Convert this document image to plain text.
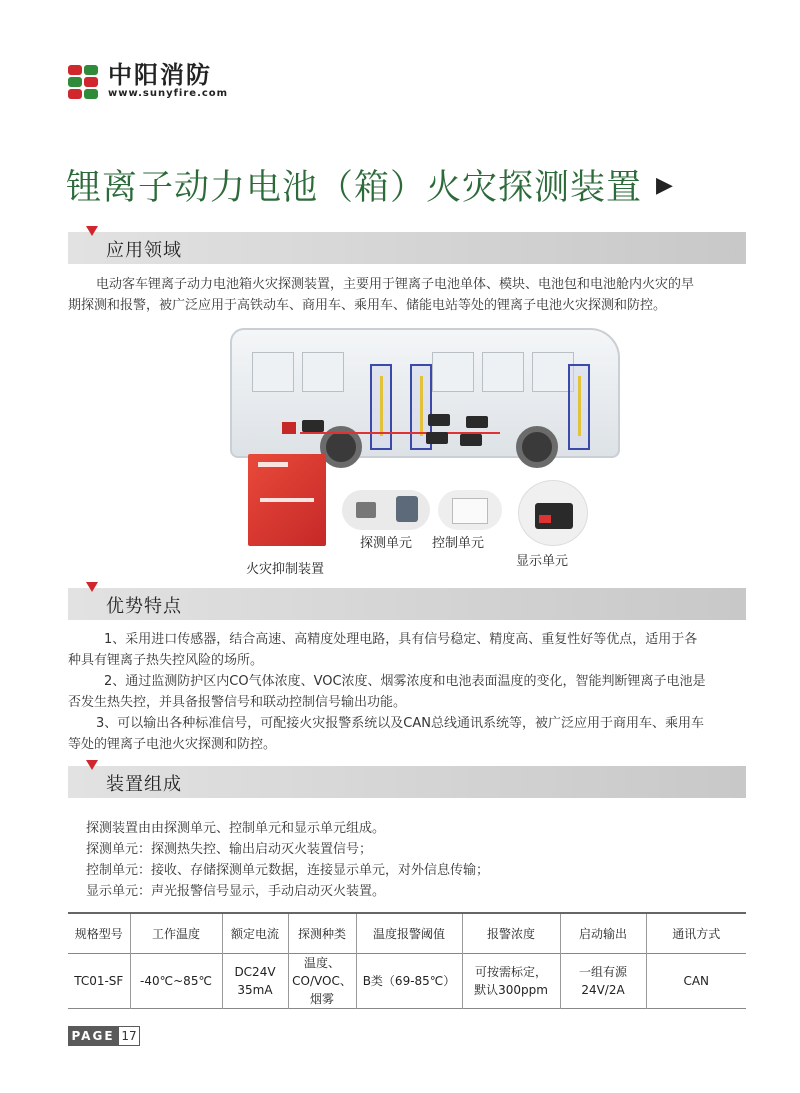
中阳消防
www.sunyfire.com
锂离子动力电池（箱）火灾探测装置 ▶
应用领域
电动客车锂离子动力电池箱火灾探测装置，主要用于锂离子电池单体、模块、电池包和电池舱内火灾的早
期探测和报警，被广泛应用于高铁动车、商用车、乘用车、储能电站等处的锂离子电池火灾探测和防控。
火灾抑制装置
探测单元 控制单元
显示单元
优势特点
1、采用进口传感器，结合高速、高精度处理电路，具有信号稳定、精度高、重复性好等优点，适用于各
种具有锂离子热失控风险的场所。
2、通过监测防护区内CO气体浓度、VOC浓度、烟雾浓度和电池表面温度的变化，智能判断锂离子电池是
否发生热失控，并具备报警信号和联动控制信号输出功能。
3、可以输出各种标准信号，可配接火灾报警系统以及CAN总线通讯系统等，被广泛应用于商用车、乘用车
等处的锂离子电池火灾探测和防控。
装置组成
探测装置由由探测单元、控制单元和显示单元组成。
探测单元：探测热失控、输出启动灭火装置信号；
控制单元：接收、存储探测单元数据，连接显示单元，对外信息传输；
显示单元：声光报警信号显示，手动启动灭火装置。
规格型号	工作温度	额定电流	探测种类	温度报警阈值	报警浓度	启动输出	通讯方式
TC01-SF	-40℃~85℃	DC24V
35mA	温度、
CO/VOC、
烟雾	B类（69-85℃）	可按需标定，
默认300ppm	一组有源
24V/2A	CAN
PAGE 17
